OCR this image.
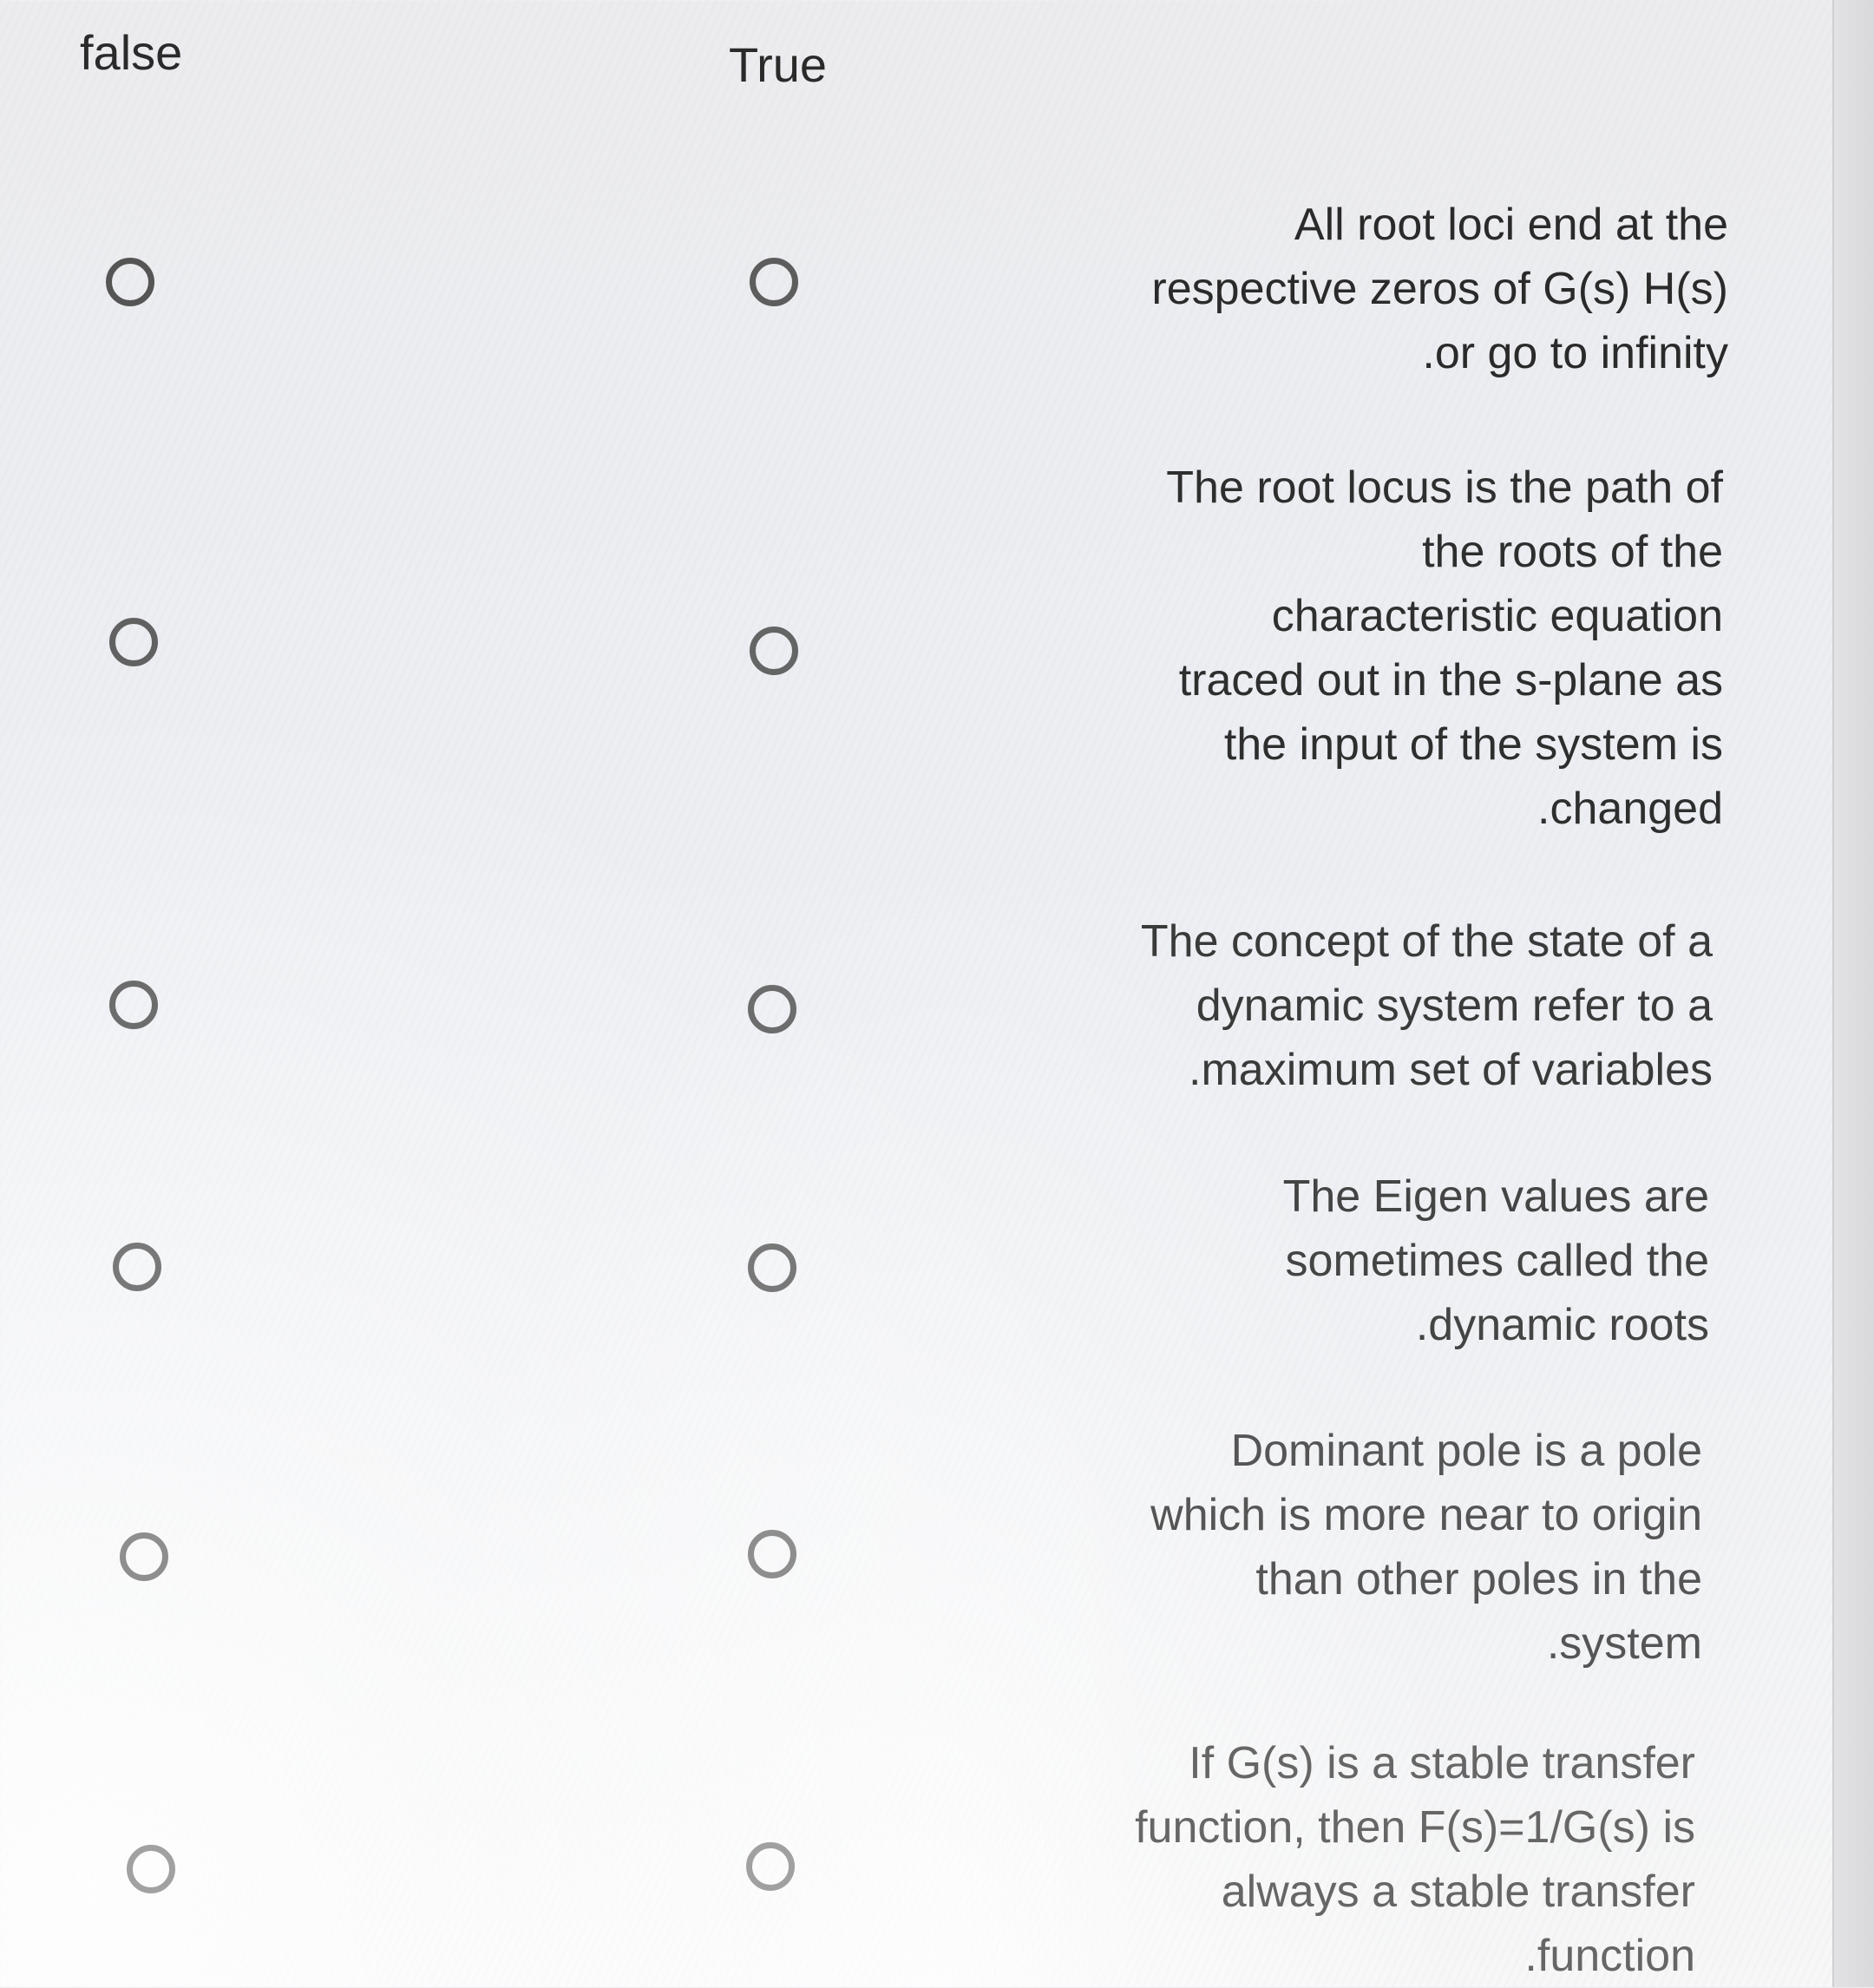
false	True
All root loci end at the
respective zeros of G(s) H(s)
.or go to infinity
The root locus is the path of
the roots of the
characteristic equation
traced out in the s-plane as
the input of the system is
.changed
The concept of the state of a
dynamic system refer to a
.maximum set of variables
The Eigen values are
sometimes called the
.dynamic roots
Dominant pole is a pole
which is more near to origin
than other poles in the
.system
If G(s) is a stable transfer
function, then F(s)=1/G(s) is
always a stable transfer
.function
